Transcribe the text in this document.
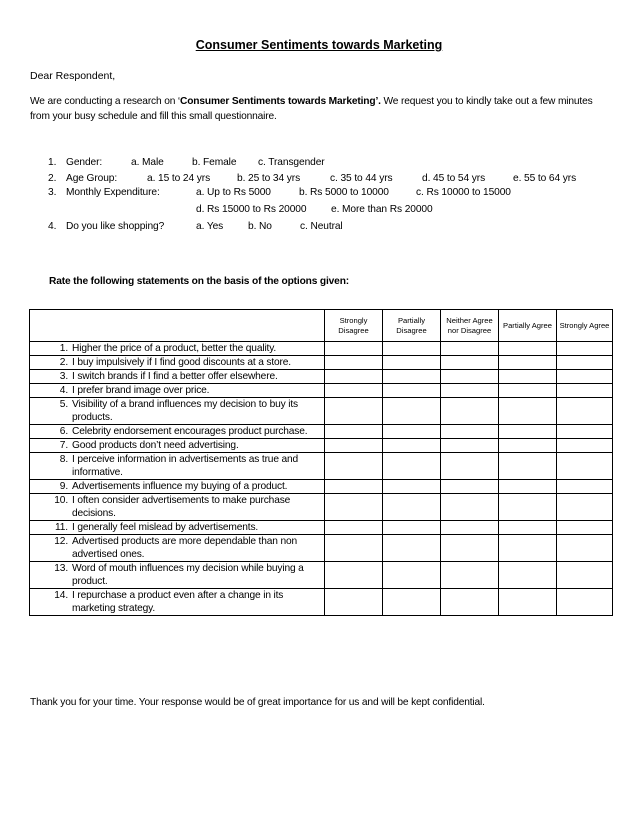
Consumer Sentiments towards Marketing
Dear Respondent,
We are conducting a research on ‘Consumer Sentiments towards Marketing’. We request you to kindly take out a few minutes from your busy schedule and fill this small questionnaire.
1. Gender:	a. Male	b. Female c. Transgender
2. Age Group:	a. 15 to 24 yrs	b. 25 to 34 yrs	c. 35 to 44 yrs	d. 45 to 54 yrs	e. 55 to 64 yrs
3. Monthly Expenditure:	a. Up to Rs 5000	b. Rs 5000 to 10000	c. Rs 10000 to 15000
d. Rs 15000 to Rs 20000 e. More than Rs 20000
4. Do you like shopping?	a. Yes b. No	c. Neutral
Rate the following statements on the basis of the options given:
	Strongly Disagree	Partially Disagree	Neither Agree nor Disagree	Partially Agree	Strongly Agree

1. Higher the price of a product, better the quality.					

2. I buy impulsively if I find good discounts at a store.					

3. I switch brands if I find a better offer elsewhere.					

4. I prefer brand image over price.					

5. Visibility of a brand influences my decision to buy its products.					

6. Celebrity endorsement encourages product purchase.					

7. Good products don’t need advertising.					

8. I perceive information in advertisements as true and informative.					

9. Advertisements influence my buying of a product.					

10. I often consider advertisements to make purchase decisions.					

11. I generally feel mislead by advertisements.					

12. Advertised products are more dependable than non advertised ones.					

13. Word of mouth influences my decision while buying a product.					

14. I repurchase a product even after a change in its marketing strategy.					

Thank you for your time. Your response would be of great importance for us and will be kept confidential.
